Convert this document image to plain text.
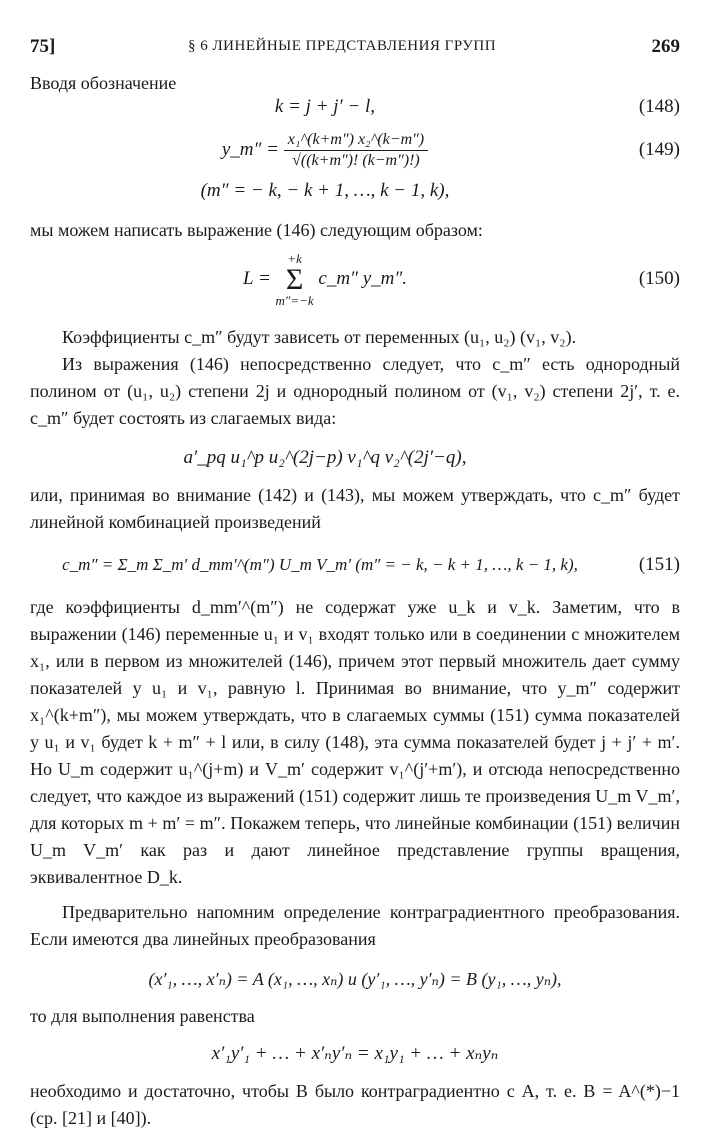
75]	§ 6 ЛИНЕЙНЫЕ ПРЕДСТАВЛЕНИЯ ГРУПП	269

Вводя обозначение

k = j + j′ − l,	(148)
y_m″ = $\frac{\text{x₁\textasciicircum{}(k+m″) x₂\textasciicircum{}(k−m″)}}{√((k+m'')! (k-m'')!)}$	(149)
(m″ = − k, − k + 1, …, k − 1, k),

мы можем написать выражение (146) следующим образом:

L = +k
Σ
m″=−k c_m″ y_m″.	(150)

Коэффициенты c_m″ будут зависеть от переменных (u₁, u₂) (v₁, v₂).

Из выражения (146) непосредственно следует, что c_m″ есть однородный полином от (u₁, u₂) степени 2j и однородный полином от (v₁, v₂) степени 2j′, т. е. c_m″ будет состоять из слагаемых вида:

a′_pq u₁^p u₂^(2j−p) v₁^q v₂^(2j′−q),

или, принимая во внимание (142) и (143), мы можем утверждать, что c_m″ будет линейной комбинацией произведений

c_m″ = Σ_m Σ_m′ d_mm′^(m″) U_m V_m′ (m″ = − k, − k + 1, …, k − 1, k),	(151)

где коэффициенты d_mm′^(m″) не содержат уже u_k и v_k. Заметим, что в выражении (146) переменные u₁ и v₁ входят только или в соединении с множителем x₁, или в первом из множителей (146), причем этот первый множитель дает сумму показателей у u₁ и v₁, равную l. Принимая во внимание, что y_m″ содержит x₁^(k+m″), мы можем утверждать, что в слагаемых суммы (151) сумма показателей у u₁ и v₁ будет k + m″ + l или, в силу (148), эта сумма показателей будет j + j′ + m′. Но U_m содержит u₁^(j+m) и V_m′ содержит v₁^(j′+m′), и отсюда непосредственно следует, что каждое из выражений (151) содержит лишь те произведения U_m V_m′, для которых m + m′ = m″. Покажем теперь, что линейные комбинации (151) величин U_m V_m′ как раз и дают линейное представление группы вращения, эквивалентное D_k.

Предварительно напомним определение контраградиентного преобразования. Если имеются два линейных преобразования

(x′₁, …, x′ₙ) = A (x₁, …, xₙ) и (y′₁, …, y′ₙ) = B (y₁, …, yₙ),

то для выполнения равенства

x′₁y′₁ + … + x′ₙy′ₙ = x₁y₁ + … + xₙyₙ

необходимо и достаточно, чтобы B было контраградиентно с A, т. е. B = A^(*)−1 (ср. [21] и [40]).
